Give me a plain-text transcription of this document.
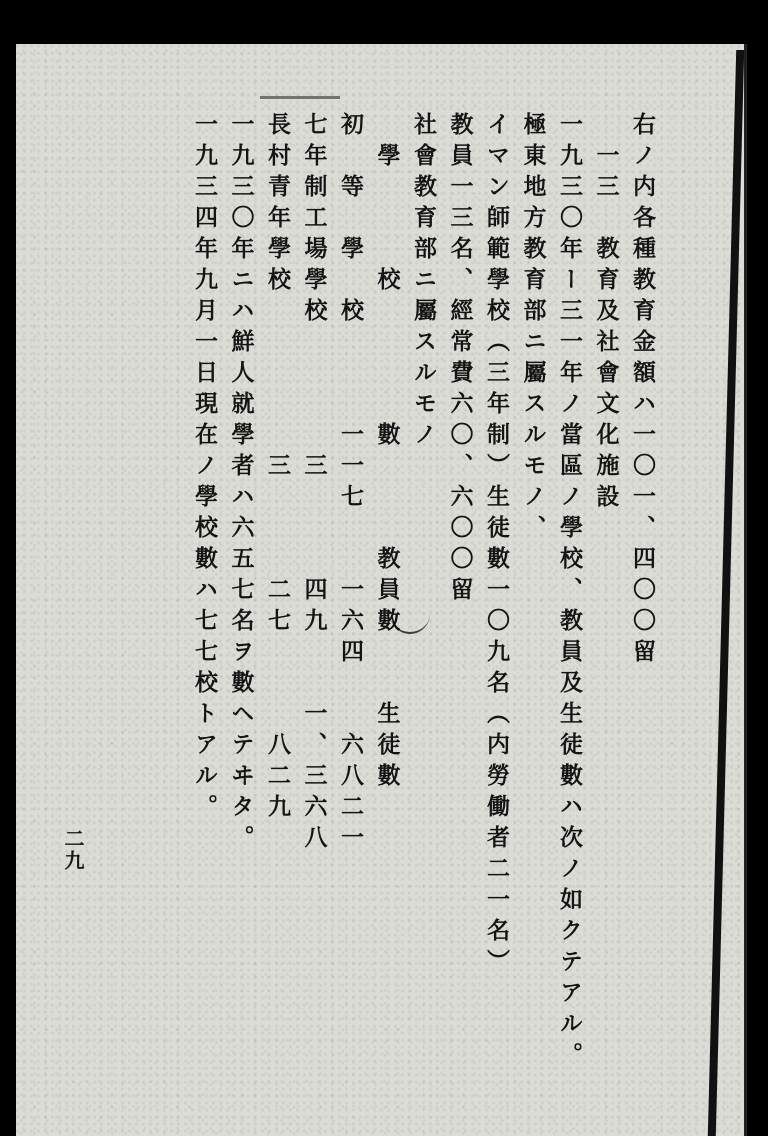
右ノ内各種教育金額ハ一〇一、四〇〇留
　一三　教育及社會文化施設
一九三〇年ー三一年ノ當區ノ學校、教員及生徒數ハ次ノ如クテアル。
極東地方教育部ニ屬スルモノ、
イマン師範學校（三年制）生徒數一〇九名（内勞働者二一名）
教員一三名、經常費六〇、六〇〇留
社會教育部ニ屬スルモノ
　學　　　校　　　　數　　　教員數　　生徒數
初　等　學　校　　　一一七　　一六四　　六八二一
七年制工場學校　　　　三　　　四九　　一、三六八
長村青年學校　　　　　三　　　二七　　　八二九
一九三〇年ニハ鮮人就學者ハ六五七名ヲ數ヘテヰタ。
一九三四年九月一日現在ノ學校數ハ七七校トアル。
二九
